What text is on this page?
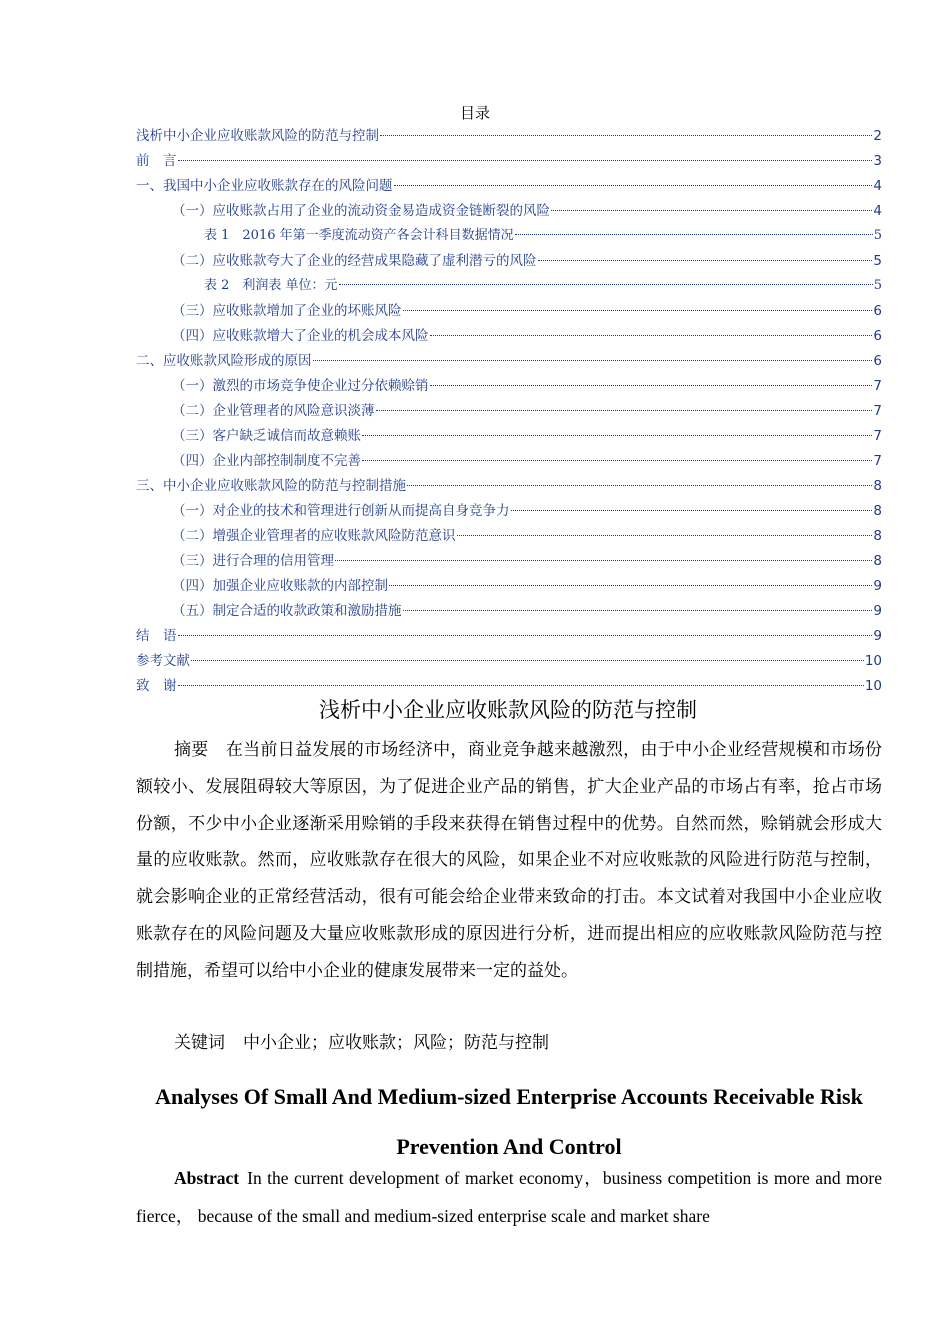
目录
浅析中小企业应收账款风险的防范与控制	2
前　言	3
一、我国中小企业应收账款存在的风险问题	4
（一）应收账款占用了企业的流动资金易造成资金链断裂的风险	4
表 1　2016 年第一季度流动资产各会计科目数据情况	5
（二）应收账款夸大了企业的经营成果隐藏了虚利潜亏的风险	5
表 2　利润表 单位：元	5
（三）应收账款增加了企业的坏账风险	6
（四）应收账款增大了企业的机会成本风险	6
二、应收账款风险形成的原因	6
（一）激烈的市场竞争使企业过分依赖赊销	7
（二）企业管理者的风险意识淡薄	7
（三）客户缺乏诚信而故意赖账	7
（四）企业内部控制制度不完善	7
三、中小企业应收账款风险的防范与控制措施	8
（一）对企业的技术和管理进行创新从而提高自身竞争力	8
（二）增强企业管理者的应收账款风险防范意识	8
（三）进行合理的信用管理	8
（四）加强企业应收账款的内部控制	9
（五）制定合适的收款政策和激励措施	9
结　语	9
参考文献	10
致　谢	10
浅析中小企业应收账款风险的防范与控制
摘要　 在当前日益发展的市场经济中，商业竞争越来越激烈，由于中小企业经营规模和市场份额较小、发展阻碍较大等原因，为了促进企业产品的销售，扩大企业产品的市场占有率，抢占市场份额，不少中小企业逐渐采用赊销的手段来获得在销售过程中的优势。自然而然，赊销就会形成大量的应收账款。然而，应收账款存在很大的风险，如果企业不对应收账款的风险进行防范与控制，就会影响企业的正常经营活动，很有可能会给企业带来致命的打击。本文试着对我国中小企业应收账款存在的风险问题及大量应收账款形成的原因进行分析，进而提出相应的应收账款风险防范与控制措施，希望可以给中小企业的健康发展带来一定的益处。
关键词 中小企业；应收账款；风险；防范与控制
Analyses Of Small And Medium-sized Enterprise Accounts Receivable Risk Prevention And Control
Abstract In the current development of market economy，business competition is more and more fierce， because of the small and medium-sized enterprise scale and market share
